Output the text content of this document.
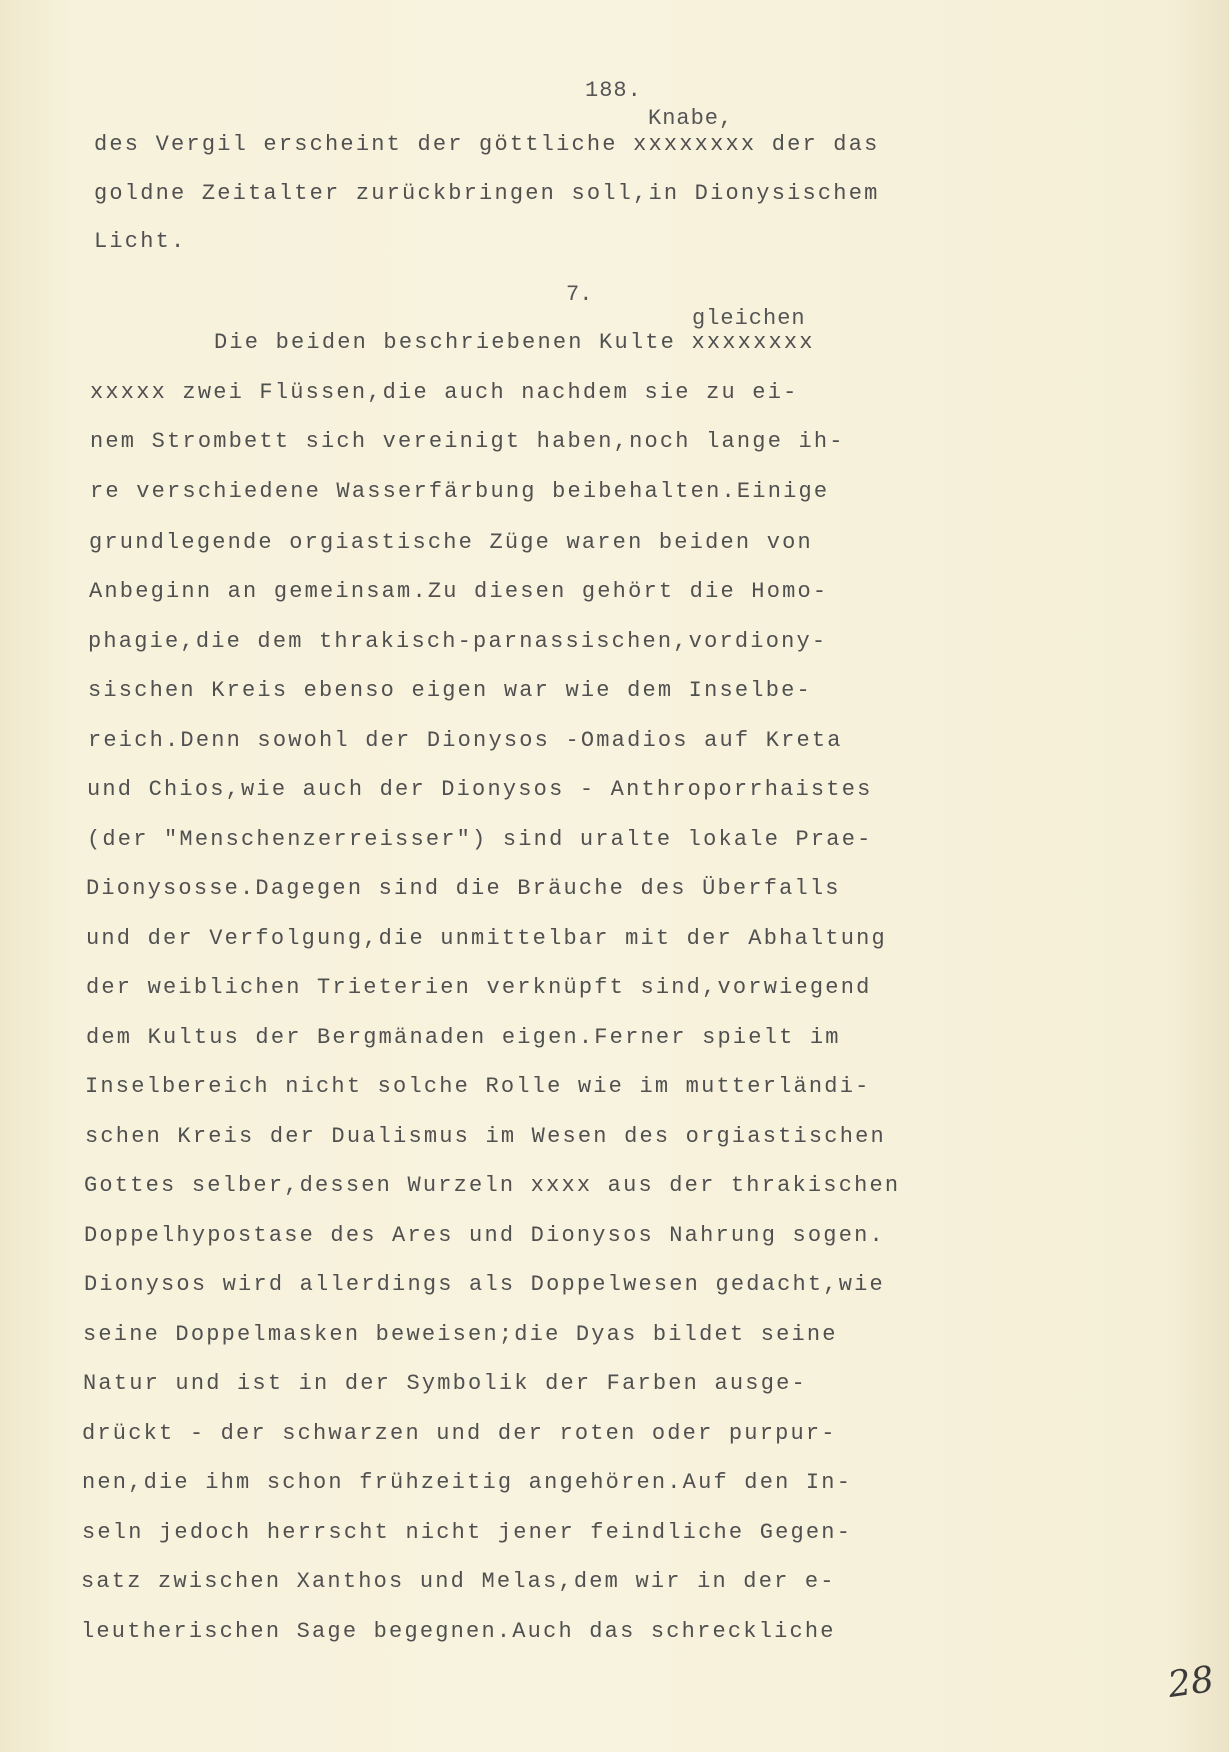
188.
Knabe,
des Vergil erscheint der göttliche xxxxxxxx der das
goldne Zeitalter zurückbringen soll,in Dionysischem
Licht.
7.
gleichen
Die beiden beschriebenen Kulte xxxxxxxx
xxxxx zwei Flüssen,die auch nachdem sie zu ei-
nem Strombett sich vereinigt haben,noch lange ih-
re verschiedene Wasserfärbung beibehalten.Einige
grundlegende orgiastische Züge waren beiden von
Anbeginn an gemeinsam.Zu diesen gehört die Homo-
phagie,die dem thrakisch-parnassischen,vordiony-
sischen Kreis ebenso eigen war wie dem Inselbe-
reich.Denn sowohl der Dionysos -Omadios auf Kreta
und Chios,wie auch der Dionysos - Anthroporrhaistes
(der "Menschenzerreisser") sind uralte lokale Prae-
Dionysosse.Dagegen sind die Bräuche des Überfalls
und der Verfolgung,die unmittelbar mit der Abhaltung
der weiblichen Trieterien verknüpft sind,vorwiegend
dem Kultus der Bergmänaden eigen.Ferner spielt im
Inselbereich nicht solche Rolle wie im mutterländi-
schen Kreis der Dualismus im Wesen des orgiastischen
Gottes selber,dessen Wurzeln xxxx aus der thrakischen
Doppelhypostase des Ares und Dionysos Nahrung sogen.
Dionysos wird allerdings als Doppelwesen gedacht,wie
seine Doppelmasken beweisen;die Dyas bildet seine
Natur und ist in der Symbolik der Farben ausge-
drückt - der schwarzen und der roten oder purpur-
nen,die ihm schon frühzeitig angehören.Auf den In-
seln jedoch herrscht nicht jener feindliche Gegen-
satz zwischen Xanthos und Melas,dem wir in der e-
leutherischen Sage begegnen.Auch das schreckliche
28
